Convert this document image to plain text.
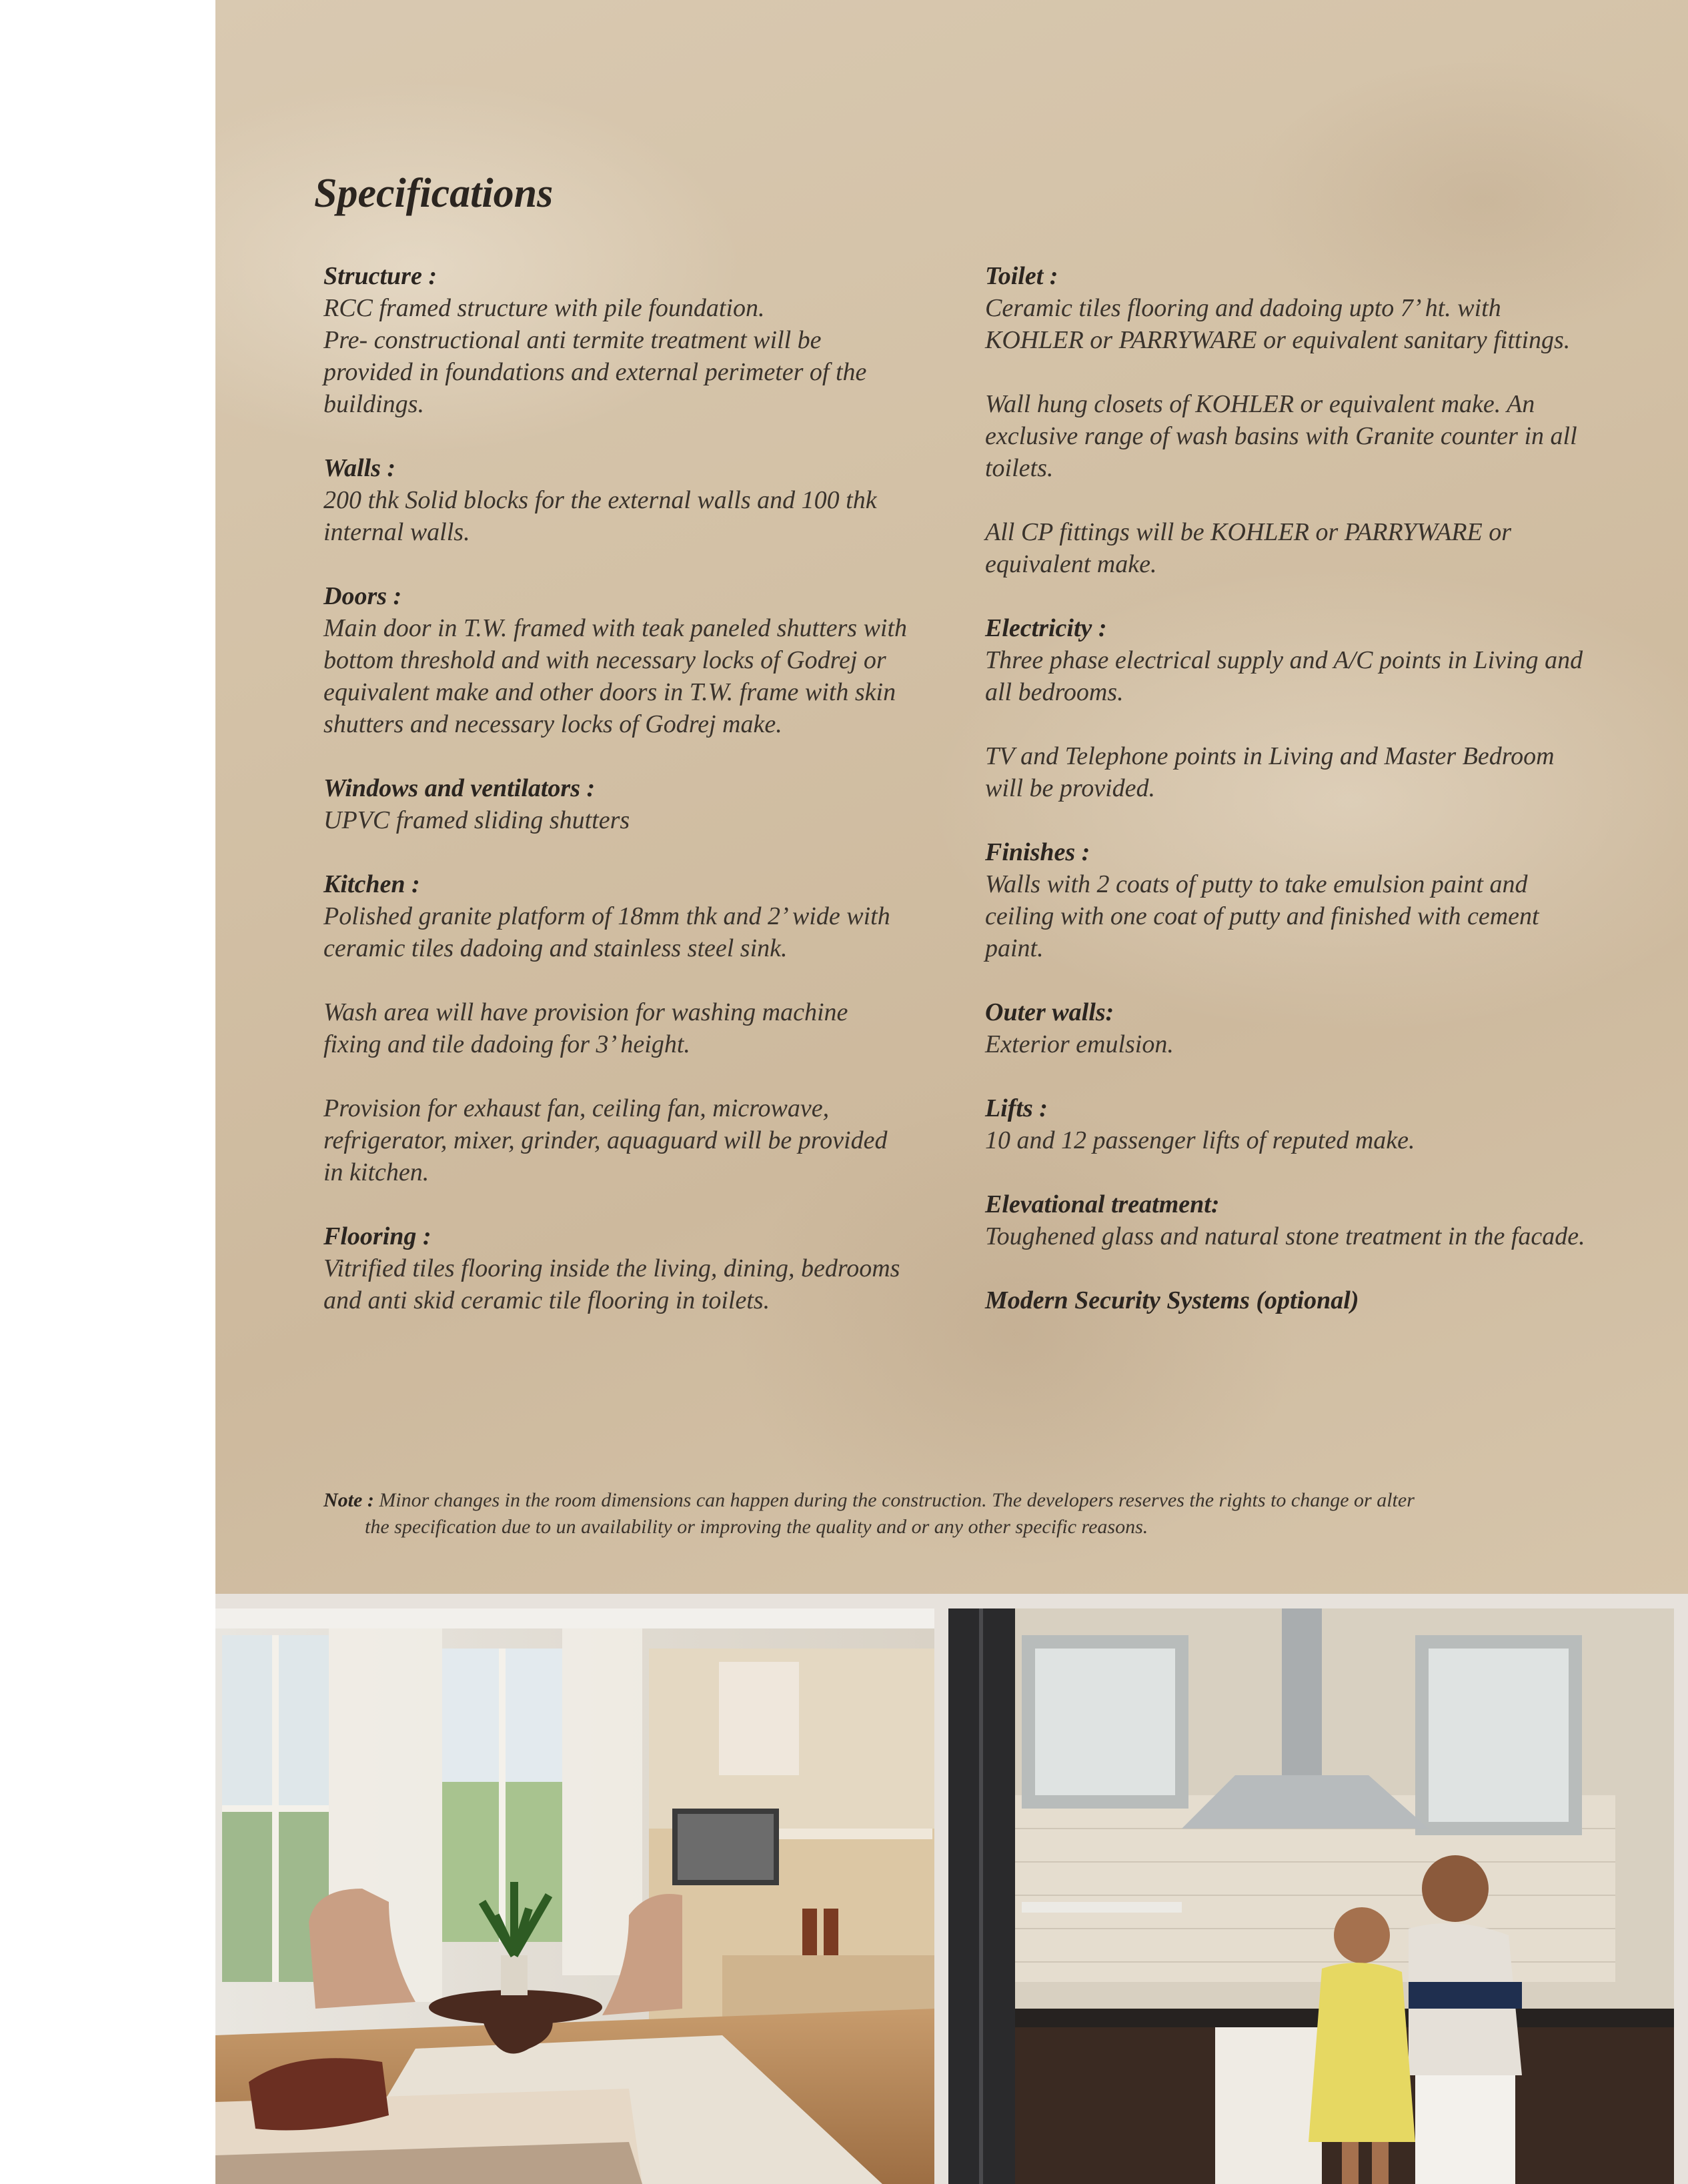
Specifications
Structure :

RCC framed structure with pile foundation.
Pre- constructional anti termite treatment will be provided in foundations and external perimeter of the buildings.

Walls :

200 thk Solid blocks for the external walls and 100 thk internal walls.

Doors :

Main door in T.W. framed with teak paneled shutters with bottom threshold and with necessary locks of Godrej or equivalent make and other doors in T.W. frame with skin shutters and necessary locks of Godrej make.

Windows and ventilators :

UPVC framed sliding shutters

Kitchen :

Polished granite platform of 18mm thk and 2’ wide with ceramic tiles dadoing and stainless steel sink.

Wash area will have provision for washing machine fixing and tile dadoing for 3’ height.

Provision for exhaust fan, ceiling fan, microwave, refrigerator, mixer, grinder, aquaguard will be provided in kitchen.

Flooring :

Vitrified tiles flooring inside the living, dining, bedrooms and anti skid ceramic tile flooring in toilets.

Toilet :

Ceramic tiles flooring and dadoing upto 7’ ht. with KOHLER or PARRYWARE or equivalent sanitary fittings.

Wall hung closets of KOHLER or equivalent make. An exclusive range of wash basins with Granite counter in all toilets.

All CP fittings will be KOHLER or PARRYWARE or equivalent make.

Electricity :

Three phase electrical supply and A/C points in Living and all bedrooms.

TV and Telephone points in Living and Master Bedroom will be provided.

Finishes :

Walls with 2 coats of putty to take emulsion paint and ceiling with one coat of putty and finished with cement paint.

Outer walls:

Exterior emulsion.

Lifts :

10 and 12 passenger lifts of reputed make.

Elevational treatment:

Toughened glass and natural stone treatment in the facade.

Modern Security Systems (optional)
Note : Minor changes in the room dimensions can happen during the construction. The developers reserves the rights to change or alter
the specification due to un availability or improving the quality and or any other specific reasons.
